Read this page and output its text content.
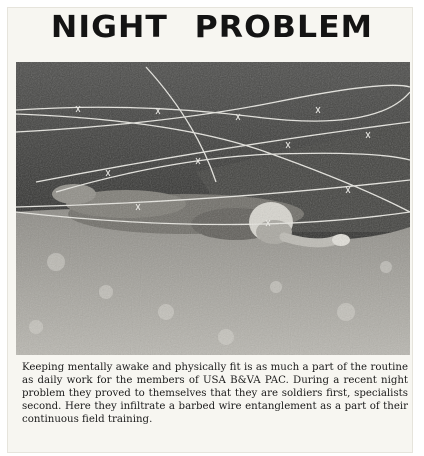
NIGHT PROBLEM
Keeping mentally awake and physically fit is as much a part of the routine as daily work for the members of USA B&VA PAC. During a recent night problem they proved to themselves that they are soldiers first, specialists second. Here they infiltrate a barbed wire entanglement as a part of their continuous field training.
